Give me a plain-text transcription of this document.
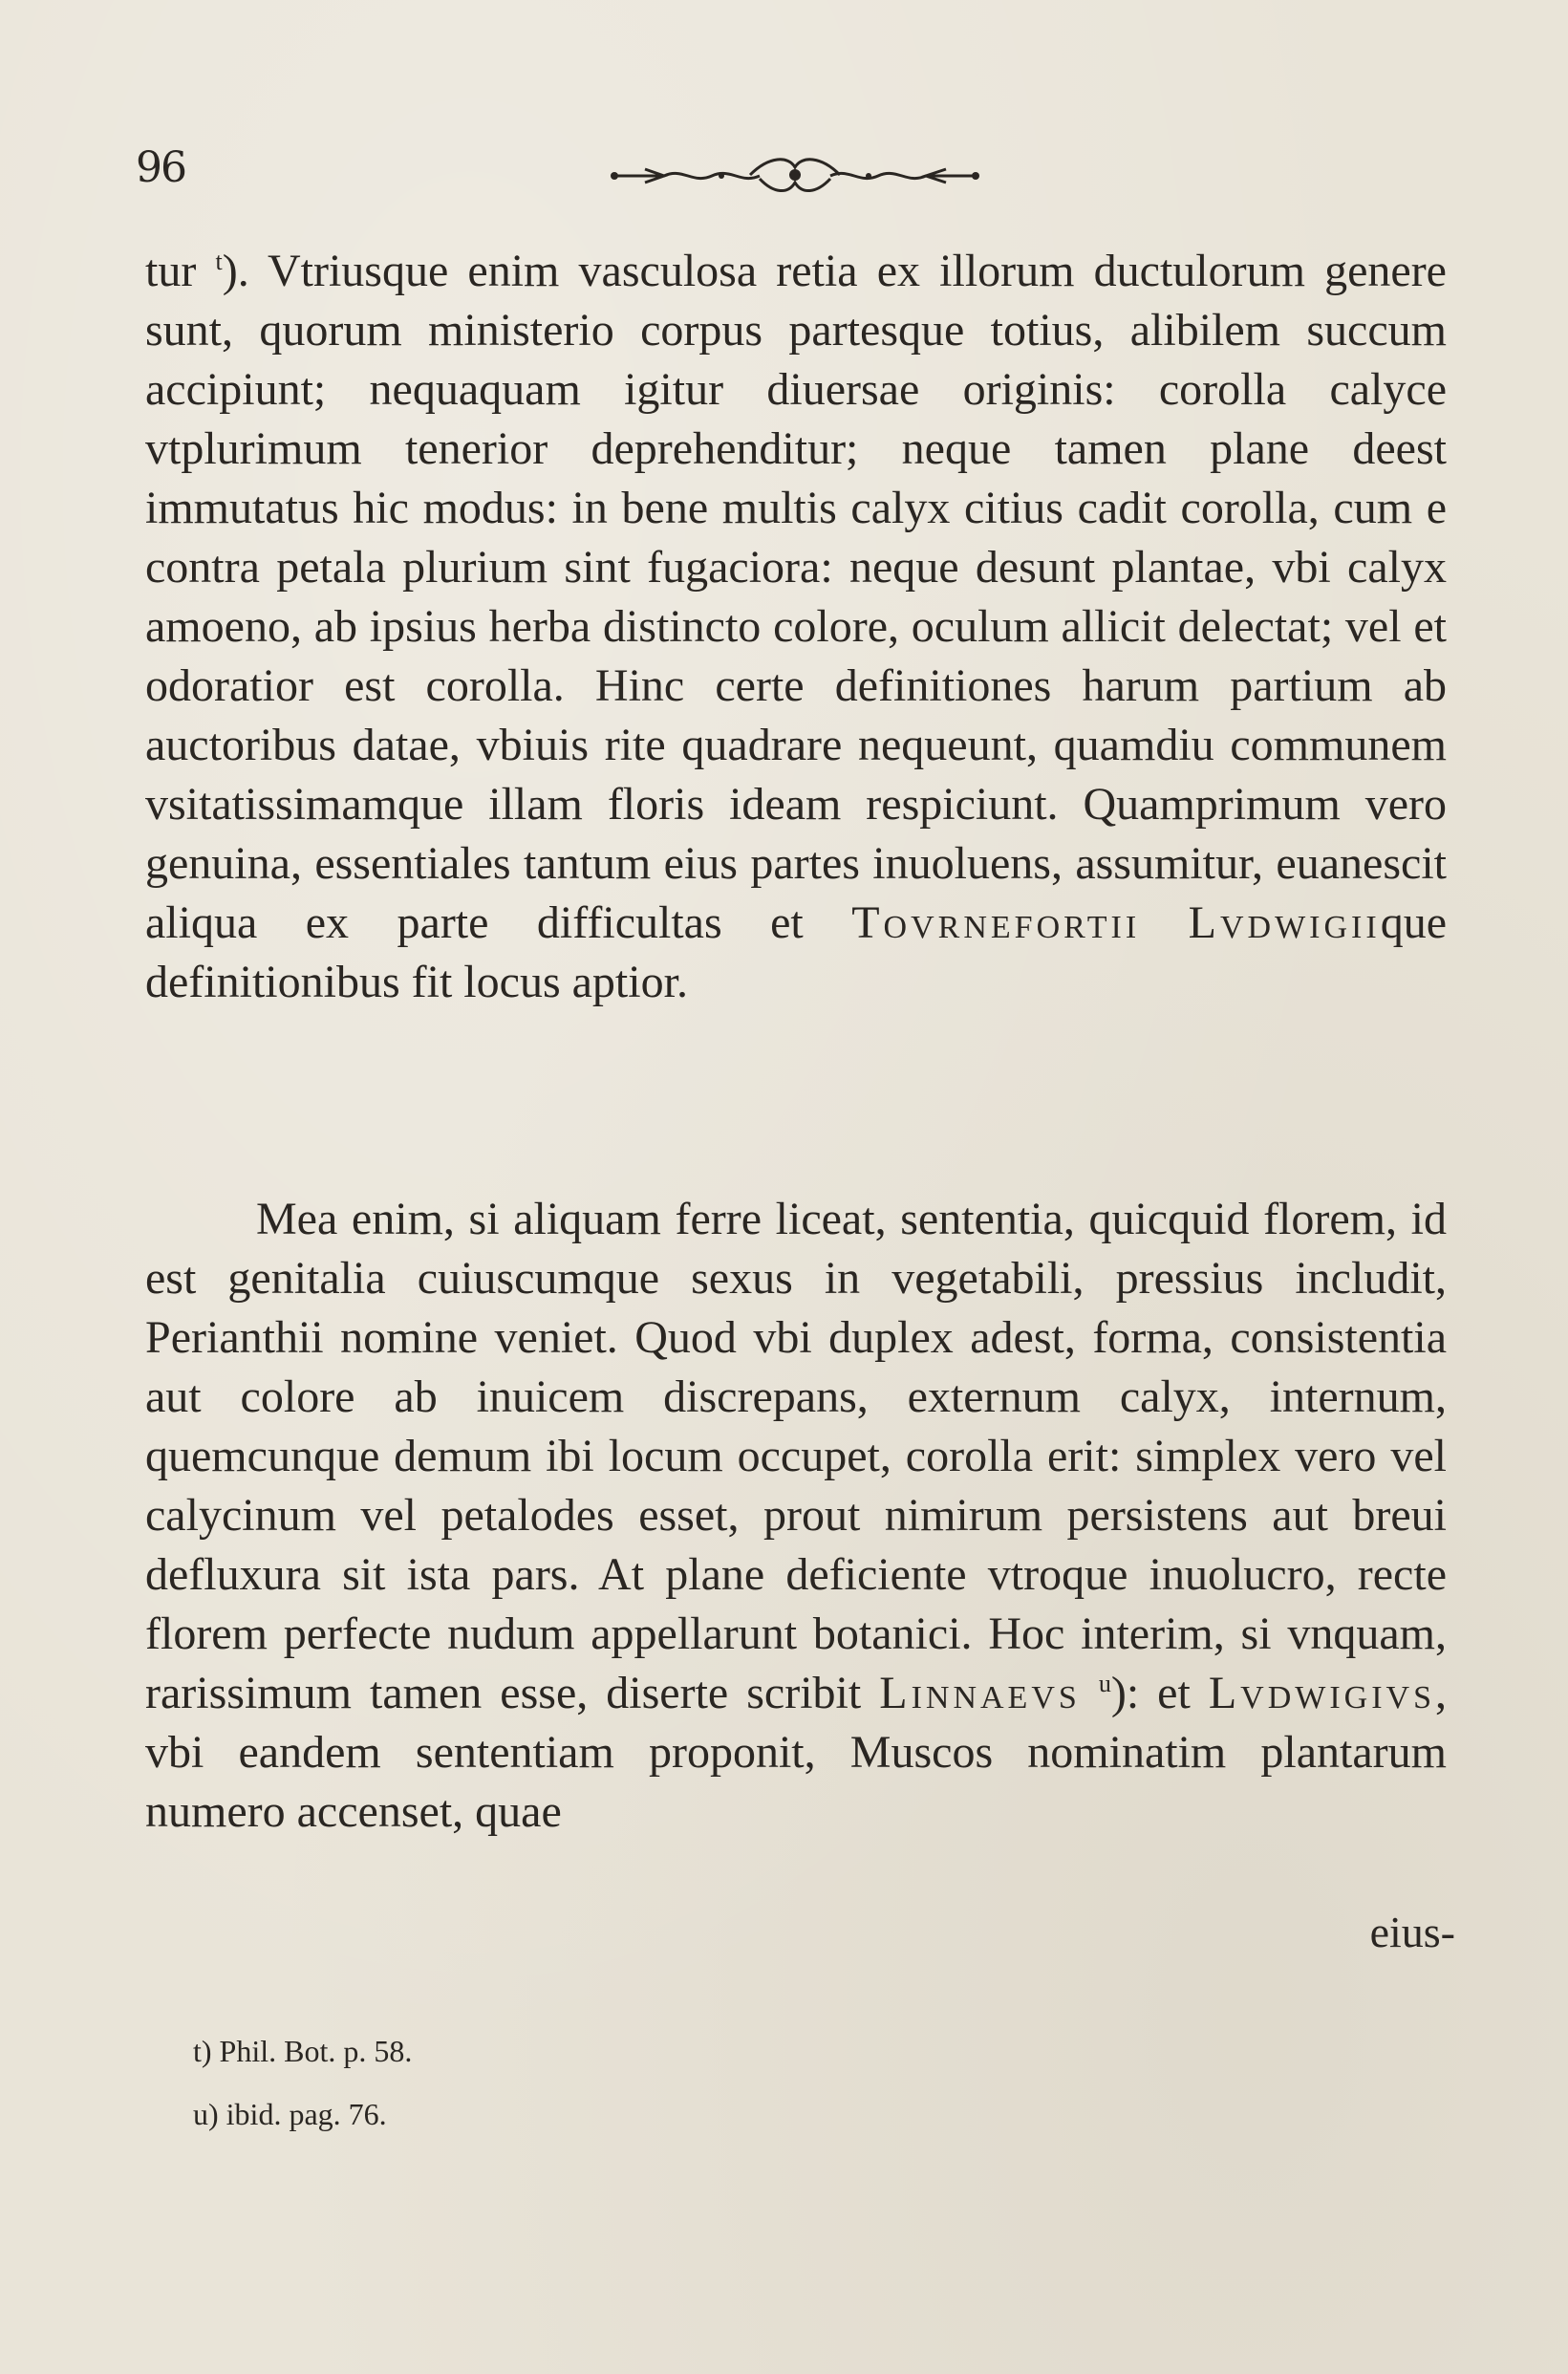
96
tur $^t$). Vtriusque enim vasculosa retia ex illorum ductulorum genere sunt, quorum ministerio corpus partesque totius, alibilem succum accipiunt; nequaquam igitur diuersae originis: corolla calyce vtplurimum tenerior deprehenditur; neque tamen plane deest immutatus hic modus: in bene multis calyx citius cadit corolla, cum e contra petala plurium sint fugaciora: neque desunt plantae, vbi calyx amoeno, ab ipsius herba distincto colore, oculum allicit delectat; vel et odoratior est corolla. Hinc certe definitiones harum partium ab auctoribus datae, vbiuis rite quadrare nequeunt, quamdiu communem vsitatissimamque illam floris ideam respiciunt. Quamprimum vero genuina, essentiales tantum eius partes inuoluens, assumitur, euanescit aliqua ex parte difficultas et Tovrnefortii Lvdwigiique definitionibus fit locus aptior.
Mea enim, si aliquam ferre liceat, sententia, quicquid florem, id est genitalia cuiuscumque sexus in vegetabili, pressius includit, Perianthii nomine veniet. Quod vbi duplex adest, forma, consistentia aut colore ab inuicem discrepans, externum calyx, internum, quemcunque demum ibi locum occupet, corolla erit: simplex vero vel calycinum vel petalodes esset, prout nimirum persistens aut breui defluxura sit ista pars. At plane deficiente vtroque inuolucro, recte florem perfecte nudum appellarunt botanici. Hoc interim, si vnquam, rarissimum tamen esse, diserte scribit Linnaevs $^u$): et Lvdwigivs, vbi eandem sententiam proponit, Muscos nominatim plantarum numero accenset, quae
eius-
t) Phil. Bot. p. 58.
u) ibid. pag. 76.
